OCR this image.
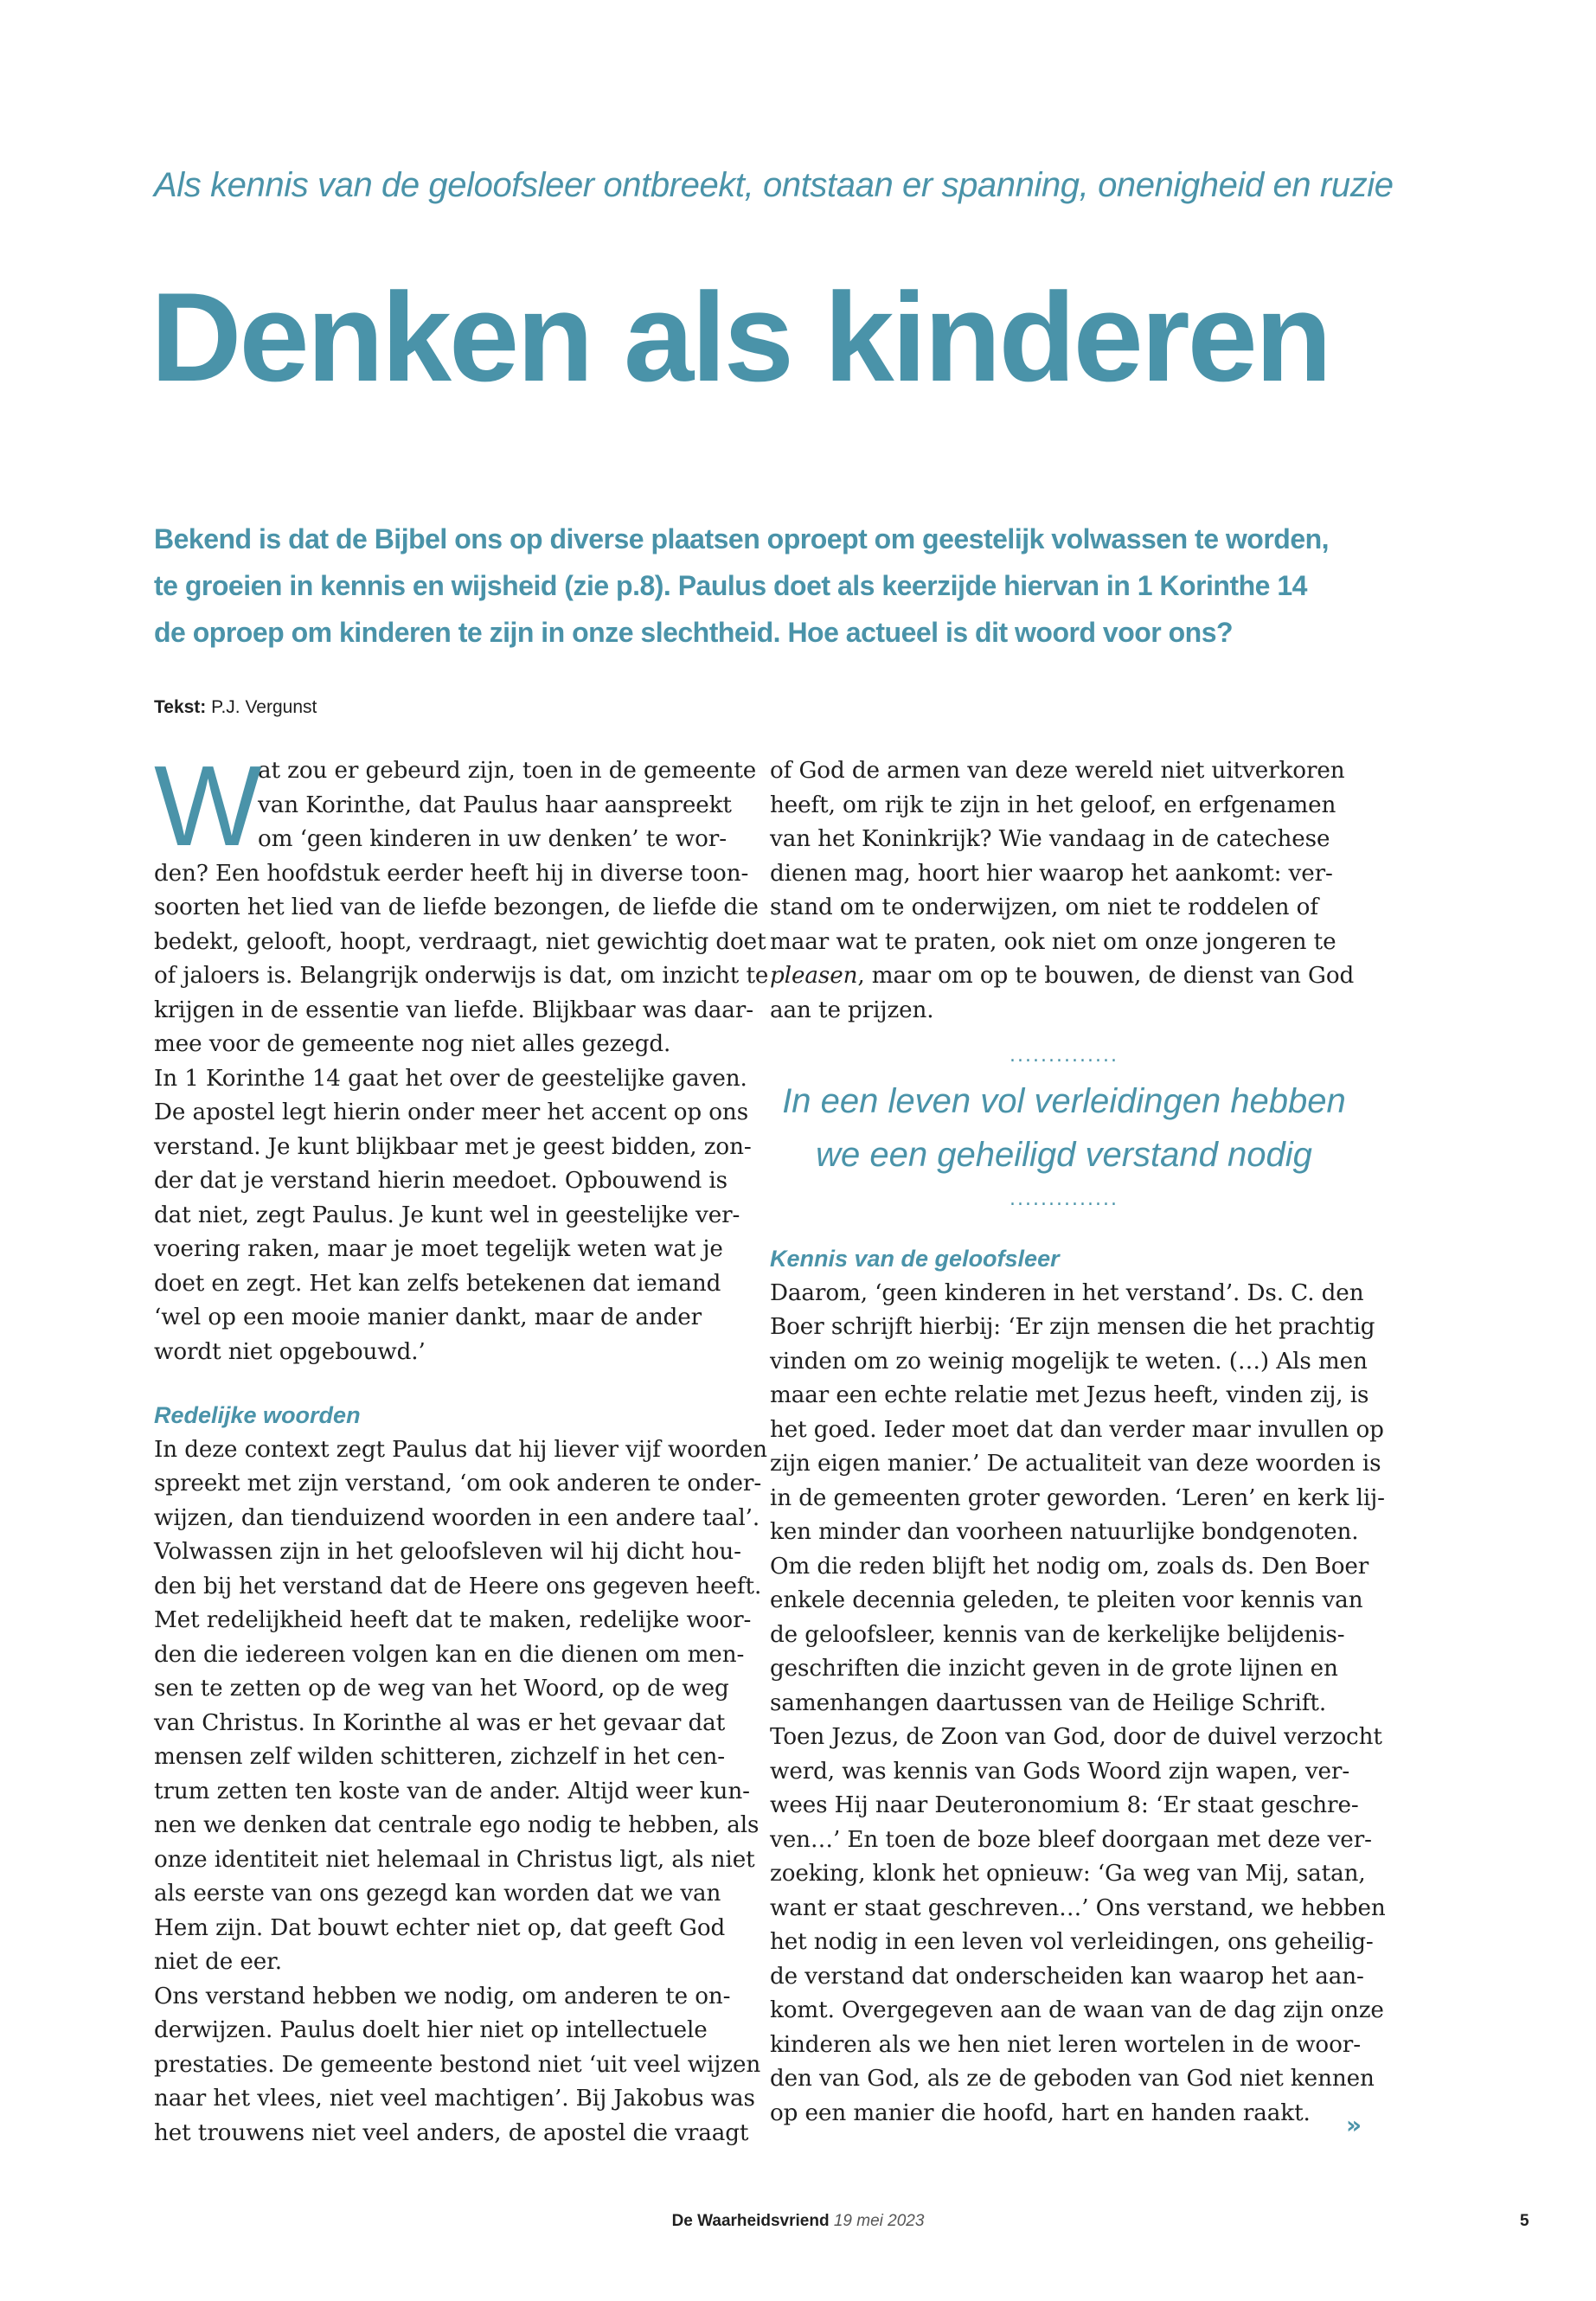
Als kennis van de geloofsleer ontbreekt, ontstaan er spanning, onenigheid en ruzie
Denken als kinderen
Bekend is dat de Bijbel ons op diverse plaatsen oproept om geestelijk volwassen te worden,
te groeien in kennis en wijsheid (zie p.8). Paulus doet als keerzijde hiervan in 1 Korinthe 14
de oproep om kinderen te zijn in onze slechtheid. Hoe actueel is dit woord voor ons?
Tekst: P.J. Vergunst
W
at zou er gebeurd zijn, toen in de gemeente
van Korinthe, dat Paulus haar aanspreekt
om ‘geen kinderen in uw denken’ te wor-
den? Een hoofdstuk eerder heeft hij in diverse toon-
soorten het lied van de liefde bezongen, de liefde die
bedekt, gelooft, hoopt, verdraagt, niet gewichtig doet
of jaloers is. Belangrijk onderwijs is dat, om inzicht te
krijgen in de essentie van liefde. Blijkbaar was daar-
mee voor de gemeente nog niet alles gezegd.
In 1 Korinthe 14 gaat het over de geestelijke gaven.
De apostel legt hierin onder meer het accent op ons
verstand. Je kunt blijkbaar met je geest bidden, zon-
der dat je verstand hierin meedoet. Opbouwend is
dat niet, zegt Paulus. Je kunt wel in geestelijke ver-
voering raken, maar je moet tegelijk weten wat je
doet en zegt. Het kan zelfs betekenen dat iemand
‘wel op een mooie manier dankt, maar de ander
wordt niet opgebouwd.’
Redelijke woorden
In deze context zegt Paulus dat hij liever vijf woorden
spreekt met zijn verstand, ‘om ook anderen te onder-
wijzen, dan tienduizend woorden in een andere taal’.
Volwassen zijn in het geloofsleven wil hij dicht hou-
den bij het verstand dat de Heere ons gegeven heeft.
Met redelijkheid heeft dat te maken, redelijke woor-
den die iedereen volgen kan en die dienen om men-
sen te zetten op de weg van het Woord, op de weg
van Christus. In Korinthe al was er het gevaar dat
mensen zelf wilden schitteren, zichzelf in het cen-
trum zetten ten koste van de ander. Altijd weer kun-
nen we denken dat centrale ego nodig te hebben, als
onze identiteit niet helemaal in Christus ligt, als niet
als eerste van ons gezegd kan worden dat we van
Hem zijn. Dat bouwt echter niet op, dat geeft God
niet de eer.
Ons verstand hebben we nodig, om anderen te on-
derwijzen. Paulus doelt hier niet op intellectuele
prestaties. De gemeente bestond niet ‘uit veel wijzen
naar het vlees, niet veel machtigen’. Bij Jakobus was
het trouwens niet veel anders, de apostel die vraagt
of God de armen van deze wereld niet uitverkoren
heeft, om rijk te zijn in het geloof, en erfgenamen
van het Koninkrijk? Wie vandaag in de catechese
dienen mag, hoort hier waarop het aankomt: ver-
stand om te onderwijzen, om niet te roddelen of
maar wat te praten, ook niet om onze jongeren te
pleasen, maar om op te bouwen, de dienst van God
aan te prijzen.
..............
In een leven vol verleidingen hebben
we een geheiligd verstand nodig
..............
Kennis van de geloofsleer
Daarom, ‘geen kinderen in het verstand’. Ds. C. den
Boer schrijft hierbij: ‘Er zijn mensen die het prachtig
vinden om zo weinig mogelijk te weten. (…) Als men
maar een echte relatie met Jezus heeft, vinden zij, is
het goed. Ieder moet dat dan verder maar invullen op
zijn eigen manier.’ De actualiteit van deze woorden is
in de gemeenten groter geworden. ‘Leren’ en kerk lij-
ken minder dan voorheen natuurlijke bondgenoten.
Om die reden blijft het nodig om, zoals ds. Den Boer
enkele decennia geleden, te pleiten voor kennis van
de geloofsleer, kennis van de kerkelijke belijdenis-
geschriften die inzicht geven in de grote lijnen en
samenhangen daartussen van de Heilige Schrift.
Toen Jezus, de Zoon van God, door de duivel verzocht
werd, was kennis van Gods Woord zijn wapen, ver-
wees Hij naar Deuteronomium 8: ‘Er staat geschre-
ven…’ En toen de boze bleef doorgaan met deze ver-
zoeking, klonk het opnieuw: ‘Ga weg van Mij, satan,
want er staat geschreven…’ Ons verstand, we hebben
het nodig in een leven vol verleidingen, ons geheilig-
de verstand dat onderscheiden kan waarop het aan-
komt. Overgegeven aan de waan van de dag zijn onze
kinderen als we hen niet leren wortelen in de woor-
den van God, als ze de geboden van God niet kennen
op een manier die hoofd, hart en handen raakt.	»
De Waarheidsvriend 19 mei 2023	5
